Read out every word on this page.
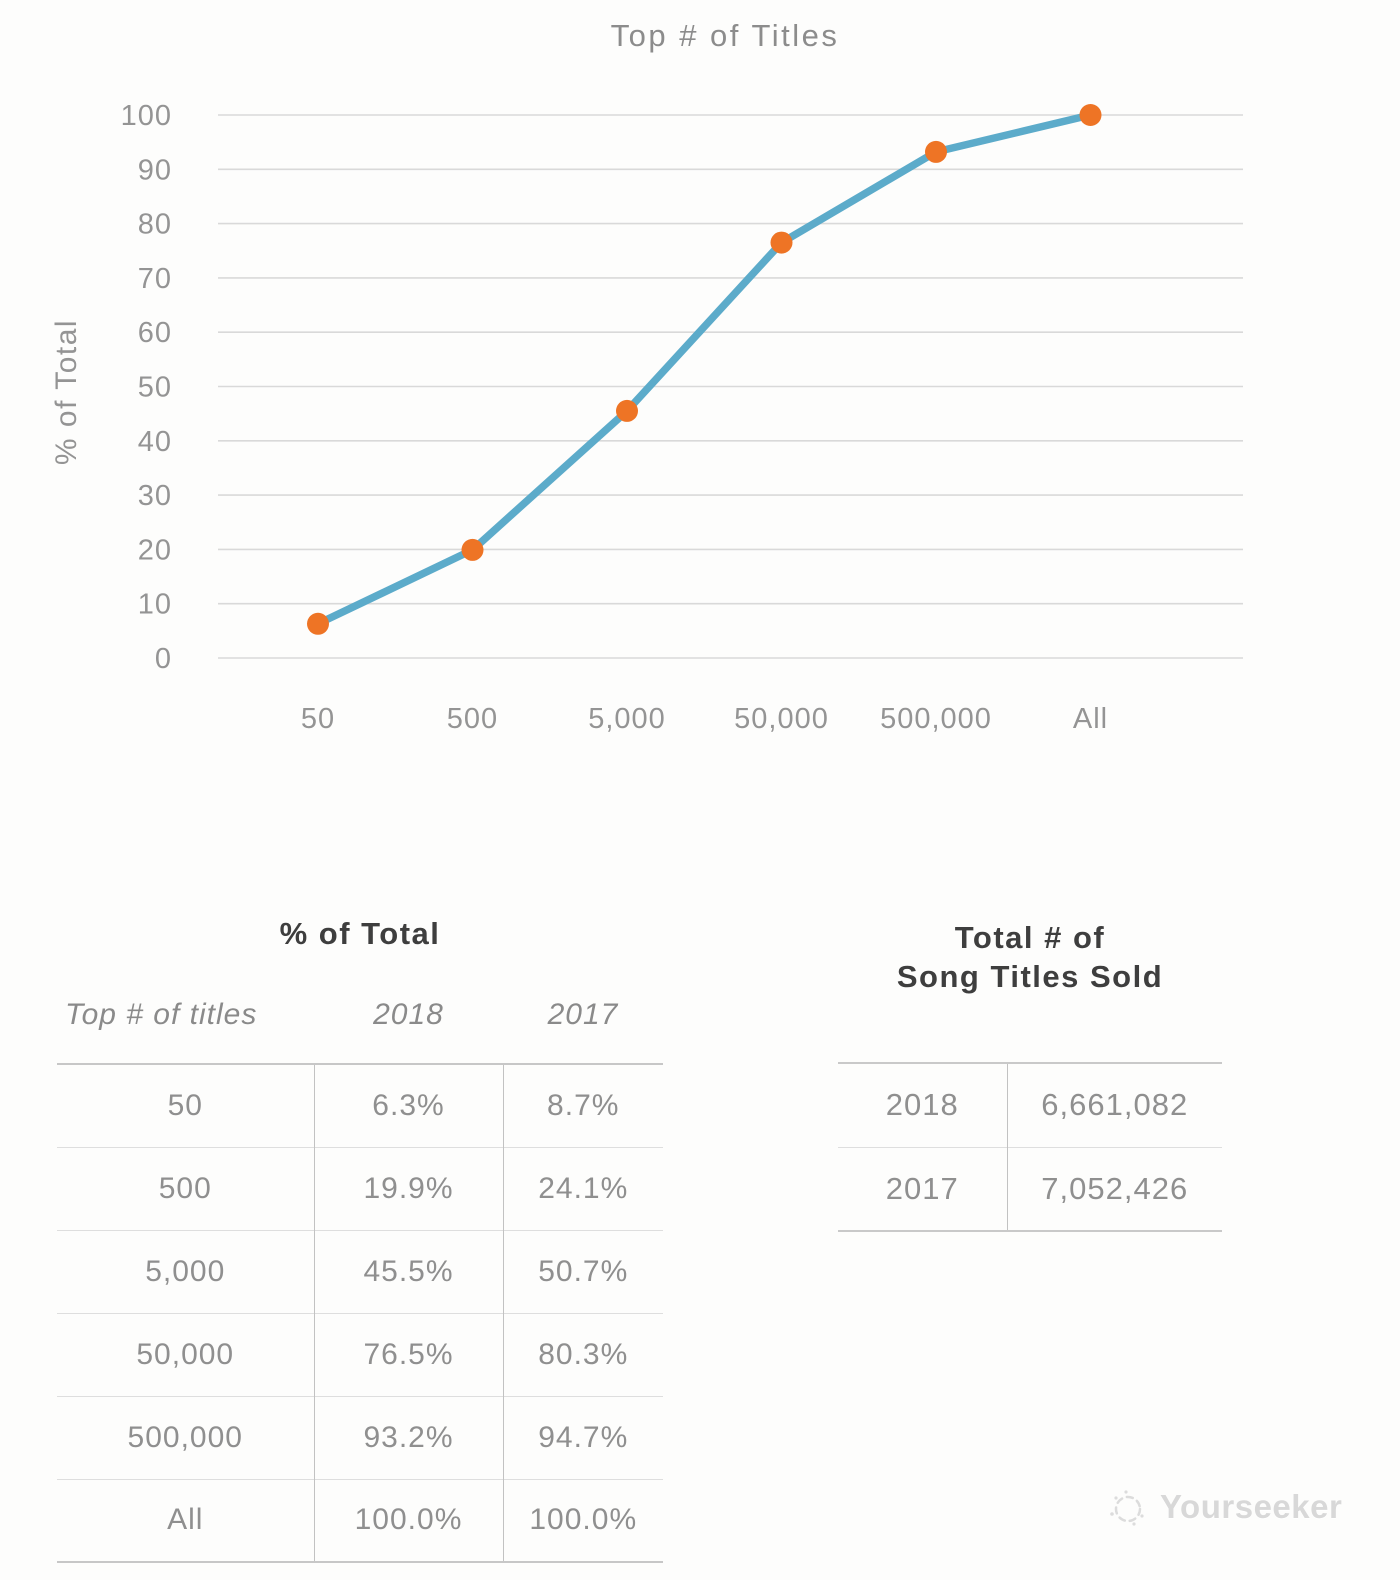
0
10
20
30
40
50
60
70
80
90
100
50	500	5,000 50,000 500,000	All
Top # of Titles
% of Total
% of Total
Top # of titles	2018	2017
50	6.3%	8.7%
500	19.9%	24.1%
5,000	45.5%	50.7%
50,000	76.5%	80.3%
500,000	93.2%	94.7%
All	100.0%	100.0%
Total # of
Song Titles Sold
2018	6,661,082
2017	7,052,426
Yourseeker
